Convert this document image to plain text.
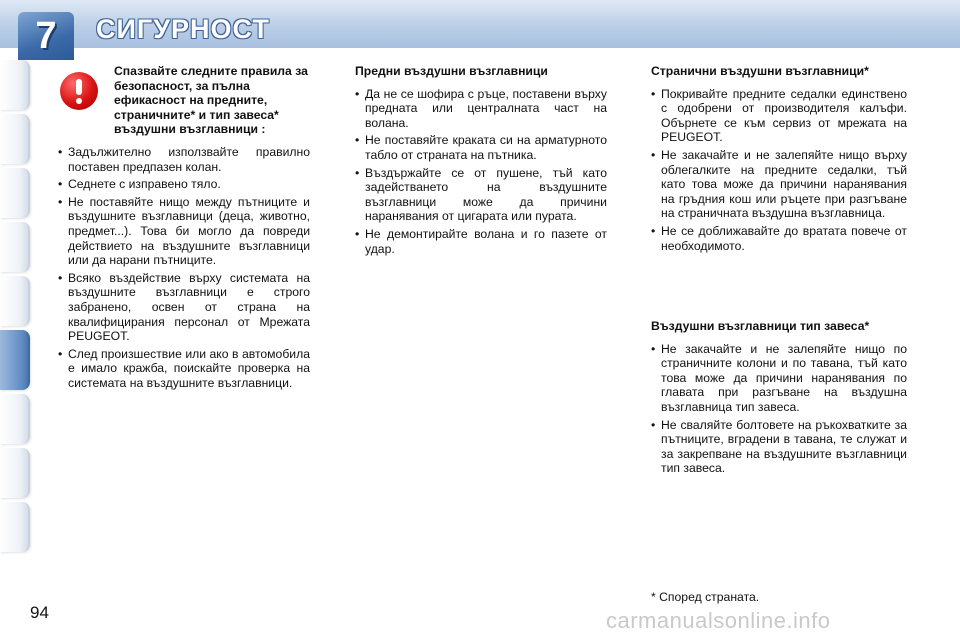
7 СИГУРНОСТ
Спазвайте следните правила за безопасност, за пълна ефикасност на предните, страничните* и тип завеса* въздушни възглавници :
• Задължително използвайте правилно поставен предпазен колан.
• Седнете с изправено тяло.
• Не поставяйте нищо между пътниците и въздушните възглавници (деца, животно, предмет...). Това би могло да повреди действието на въздушните възглавници или да нарани пътниците.
• Всяко въздействие върху системата на въздушните възглавници е строго забранено, освен от страна на квалифицирания персонал от Мрежата PEUGEOT.
• След произшествие или ако в автомобила е имало кражба, поискайте проверка на системата на въздушните възглавници.
Предни въздушни възглавници
• Да не се шофира с ръце, поставени върху предната или централната част на волана.
• Не поставяйте краката си на арматурното табло от страната на пътника.
• Въздържайте се от пушене, тъй като задействането на въздушните възглавници може да причини наранявания от цигарата или пурата.
• Не демонтирайте волана и го пазете от удар.
Странични въздушни възглавници*
• Покривайте предните седалки единствено с одобрени от производителя калъфи. Обърнете се към сервиз от мрежата на PEUGEOT.
• Не закачайте и не залепяйте нищо върху облегалките на предните седалки, тъй като това може да причини наранявания на гръдния кош или ръцете при разгъване на страничната въздушна възглавница.
• Не се доближавайте до вратата повече от необходимото.
Въздушни възглавници тип завеса*
• Не закачайте и не залепяйте нищо по страничните колони и по тавана, тъй като това може да причини наранявания по главата при разгъване на въздушна възглавница тип завеса.
• Не сваляйте болтовете на ръкохватките за пътниците, вградени в тавана, те служат и за закрепване на въздушните възглавници тип завеса.
* Според страната.
94	carmanualsonline.info
